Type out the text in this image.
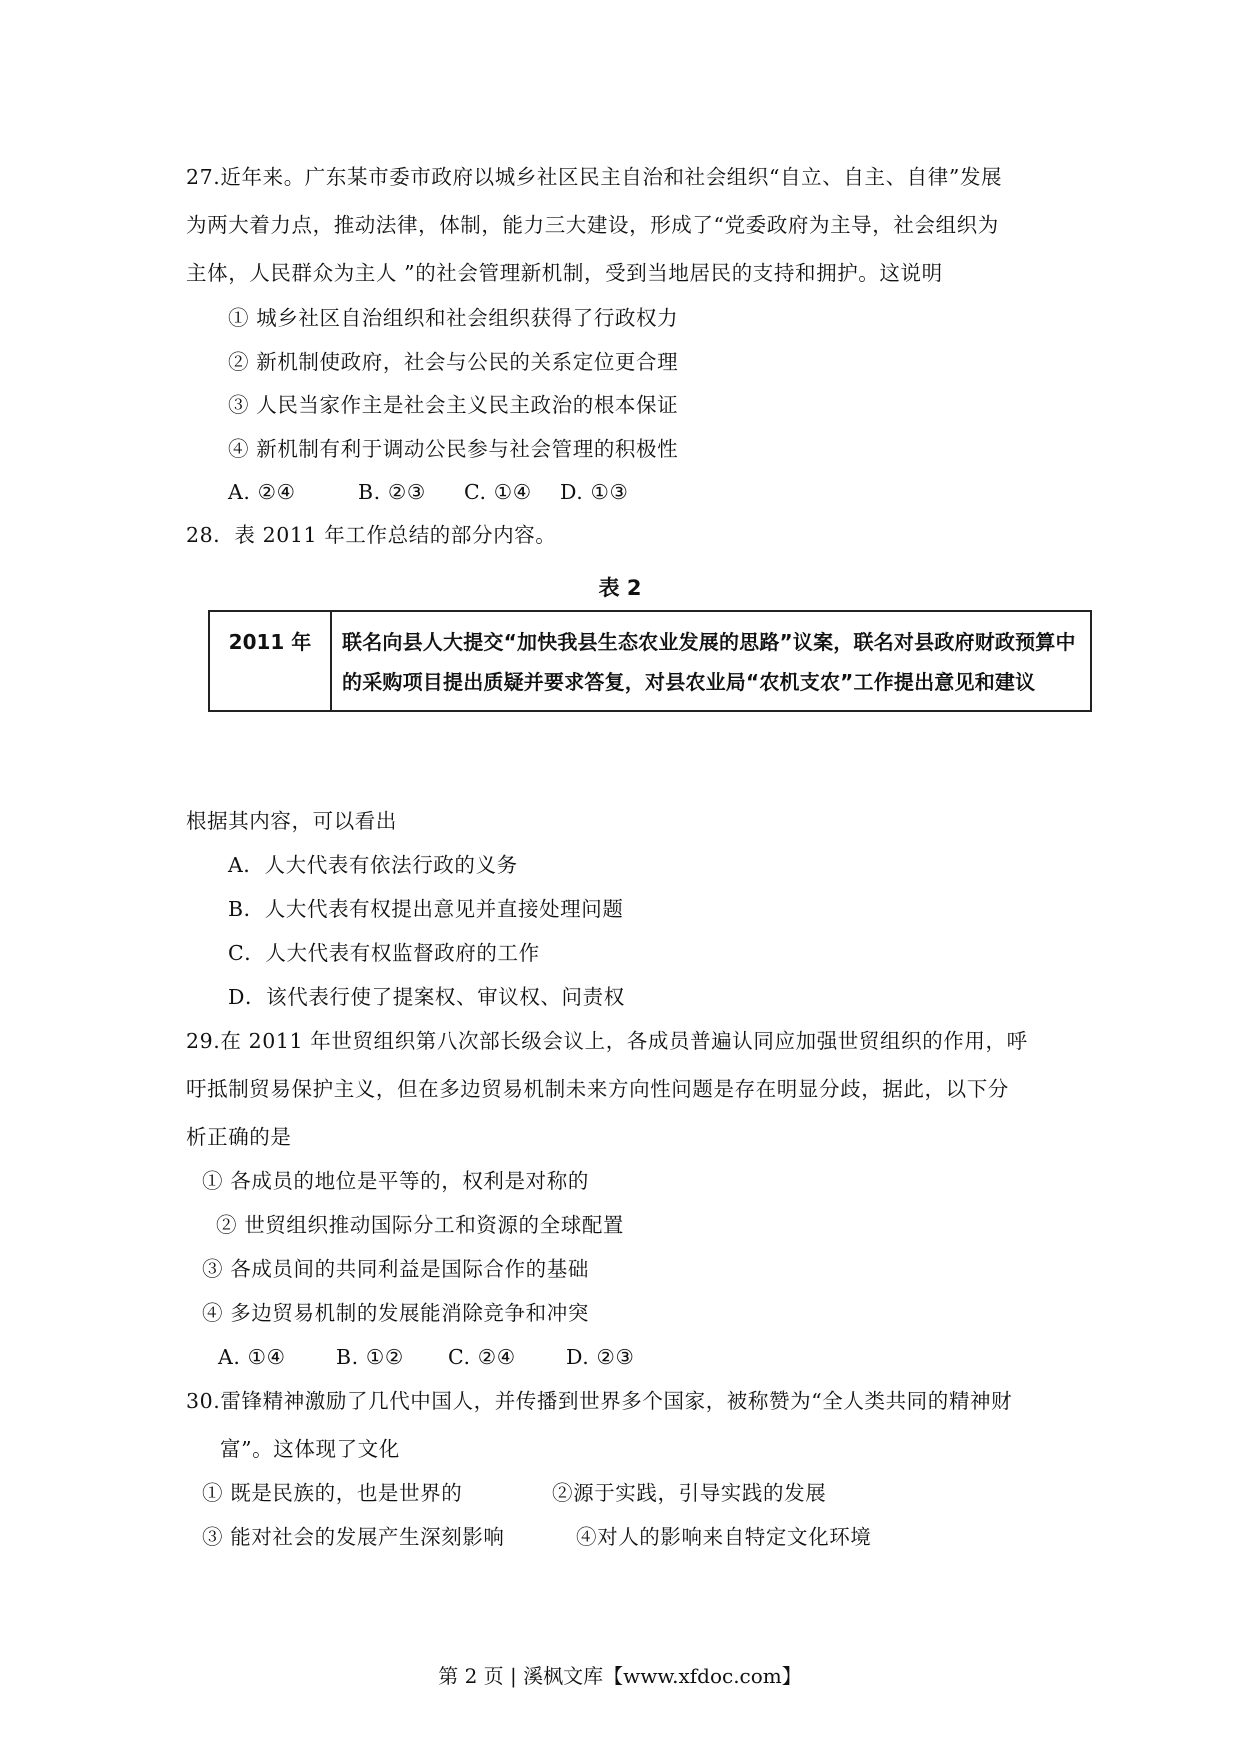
27.近年来。广东某市委市政府以城乡社区民主自治和社会组织“自立、自主、自律”发展
为两大着力点，推动法律，体制，能力三大建设，形成了“党委政府为主导，社会组织为
主体，人民群众为主人 ”的社会管理新机制，受到当地居民的支持和拥护。这说明
① 城乡社区自治组织和社会组织获得了行政权力
② 新机制使政府，社会与公民的关系定位更合理
③ 人民当家作主是社会主义民主政治的根本保证
④ 新机制有利于调动公民参与社会管理的积极性
A. ②④	B. ②③ C. ①④ D. ①③
28．表 2011 年工作总结的部分内容。
表 2
2011 年	联名向县人大提交“加快我县生态农业发展的思路”议案，联名对县政府财政预算中的采购项目提出质疑并要求答复，对县农业局“农机支农”工作提出意见和建议
根据其内容，可以看出
A．人大代表有依法行政的义务
B．人大代表有权提出意见并直接处理问题
C．人大代表有权监督政府的工作
D．该代表行使了提案权、审议权、问责权
29.在 2011 年世贸组织第八次部长级会议上，各成员普遍认同应加强世贸组织的作用，呼
吁抵制贸易保护主义，但在多边贸易机制未来方向性问题是存在明显分歧，据此，以下分
析正确的是
① 各成员的地位是平等的，权利是对称的
② 世贸组织推动国际分工和资源的全球配置
③ 各成员间的共同利益是国际合作的基础
④ 多边贸易机制的发展能消除竞争和冲突
A. ①④ B. ①② C. ②④ D. ②③
30.雷锋精神激励了几代中国人，并传播到世界多个国家，被称赞为“全人类共同的精神财
富”。这体现了文化
① 既是民族的，也是世界的	②源于实践，引导实践的发展
③ 能对社会的发展产生深刻影响	④对人的影响来自特定文化环境
第 2 页 | 溪枫文库【www.xfdoc.com】
